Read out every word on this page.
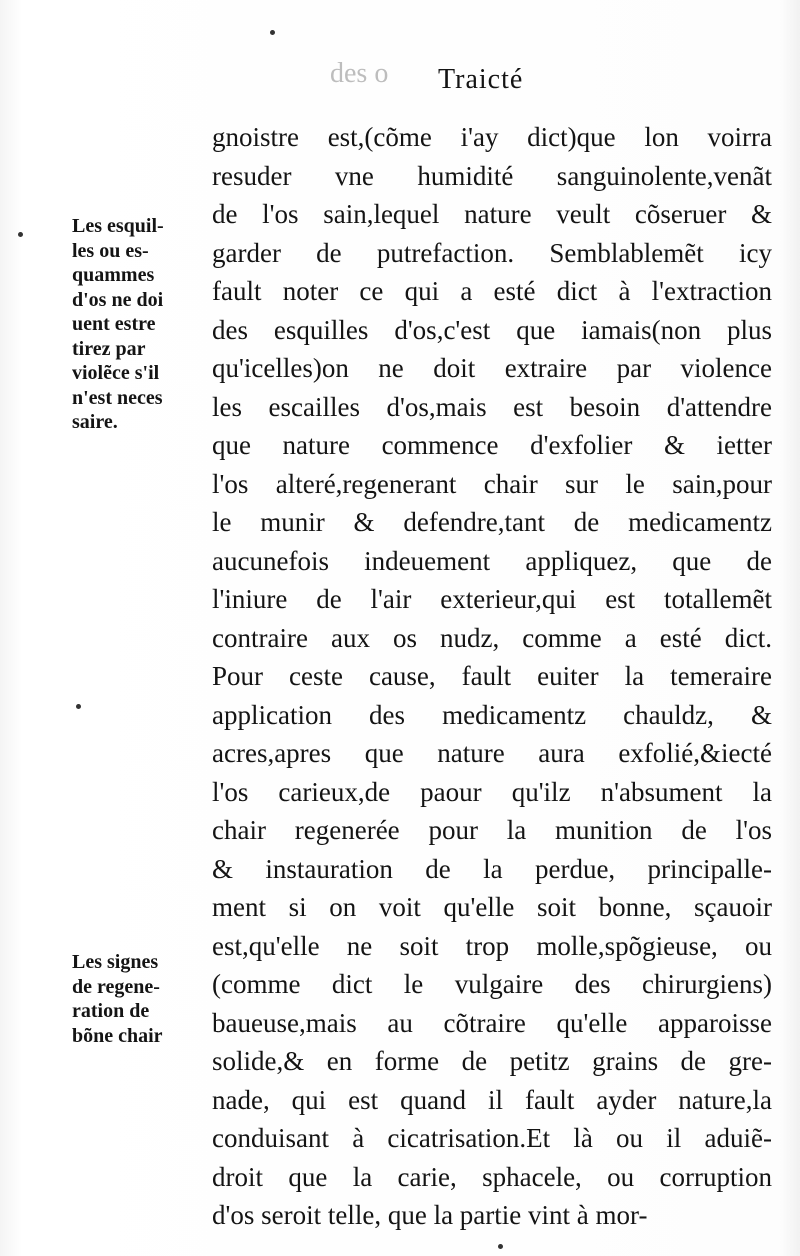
des o Traicté
gnoistre est,(cõme i'ay dict)que lon voirra
resuder vne humidité sanguinolente,venãt
de l'os sain,lequel nature veult cõseruer &
garder de putrefaction. Semblablemẽt icy
fault noter ce qui a esté dict à l'extraction
des esquilles d'os,c'est que iamais(non plus
qu'icelles)on ne doit extraire par violence
les escailles d'os,mais est besoin d'attendre
que nature commence d'exfolier & ietter
l'os alteré,regenerant chair sur le sain,pour
le munir & defendre,tant de medicamentz
aucunefois indeuement appliquez, que de
l'iniure de l'air exterieur,qui est totallemẽt
contraire aux os nudz, comme a esté dict.
Pour ceste cause, fault euiter la temeraire
application des medicamentz chauldz, &
acres,apres que nature aura exfolié,&iecté
l'os carieux,de paour qu'ilz n'absument la
chair regenerée pour la munition de l'os
& instauration de la perdue, principalle-
ment si on voit qu'elle soit bonne, sçauoir
est,qu'elle ne soit trop molle,spõgieuse, ou
(comme dict le vulgaire des chirurgiens)
baueuse,mais au cõtraire qu'elle apparoisse
solide,& en forme de petitz grains de gre-
nade, qui est quand il fault ayder nature,la
conduisant à cicatrisation.Et là ou il aduiẽ-
droit que la carie, sphacele, ou corruption
d'os seroit telle, que la partie vint à mor-
Les esquil-
les ou es-
quammes
d'os ne doi
uent estre
tirez par
violẽce s'il
n'est neces
saire.
Les signes
de regene-
ration de
bõne chair
